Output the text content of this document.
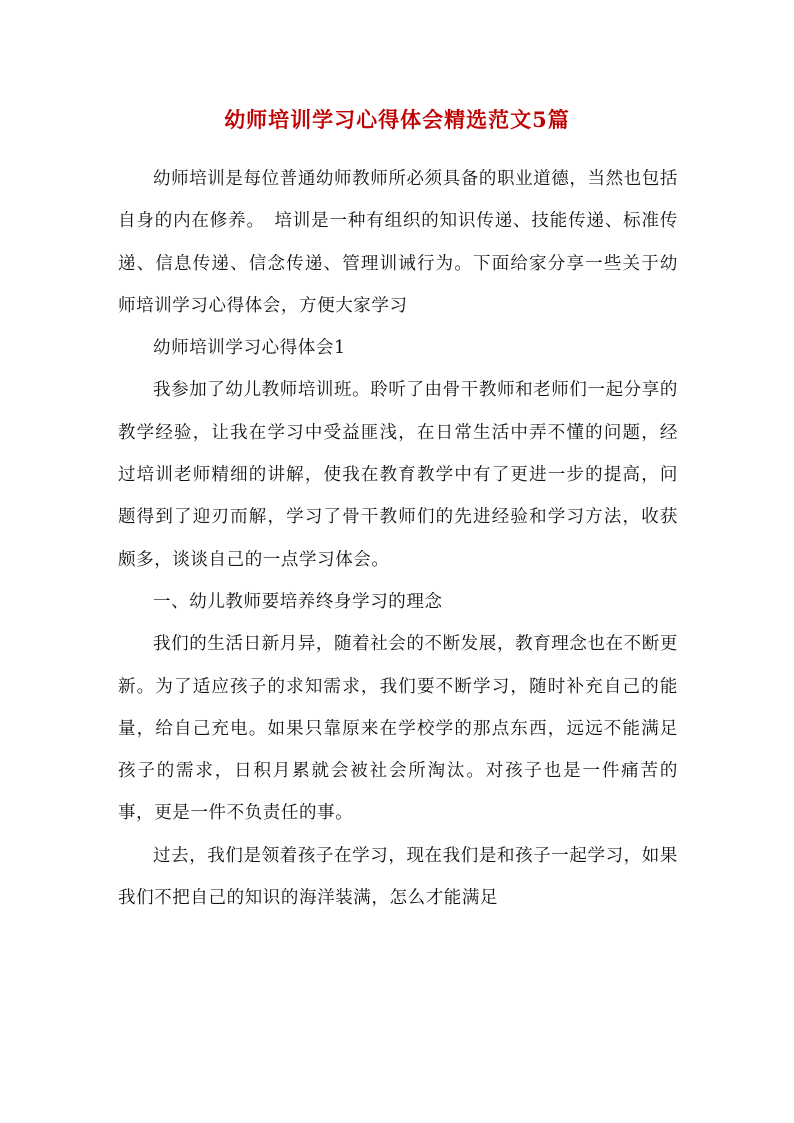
幼师培训学习心得体会精选范文5篇

幼师培训是每位普通幼师教师所必须具备的职业道德，当然也包括自身的内在修养。　培训是一种有组织的知识传递、技能传递、标准传递、信息传递、信念传递、管理训诫行为。下面给家分享一些关于幼师培训学习心得体会，方便大家学习

幼师培训学习心得体会1

我参加了幼儿教师培训班。聆听了由骨干教师和老师们一起分享的教学经验，让我在学习中受益匪浅，在日常生活中弄不懂的问题，经过培训老师精细的讲解，使我在教育教学中有了更进一步的提高，问题得到了迎刃而解，学习了骨干教师们的先进经验和学习方法，收获颇多，谈谈自己的一点学习体会。

一、幼儿教师要培养终身学习的理念

我们的生活日新月异，随着社会的不断发展，教育理念也在不断更新。为了适应孩子的求知需求，我们要不断学习，随时补充自己的能量，给自己充电。如果只靠原来在学校学的那点东西，远远不能满足孩子的需求，日积月累就会被社会所淘汰。对孩子也是一件痛苦的事，更是一件不负责任的事。

过去，我们是领着孩子在学习，现在我们是和孩子一起学习，如果我们不把自己的知识的海洋装满，怎么才能满足
